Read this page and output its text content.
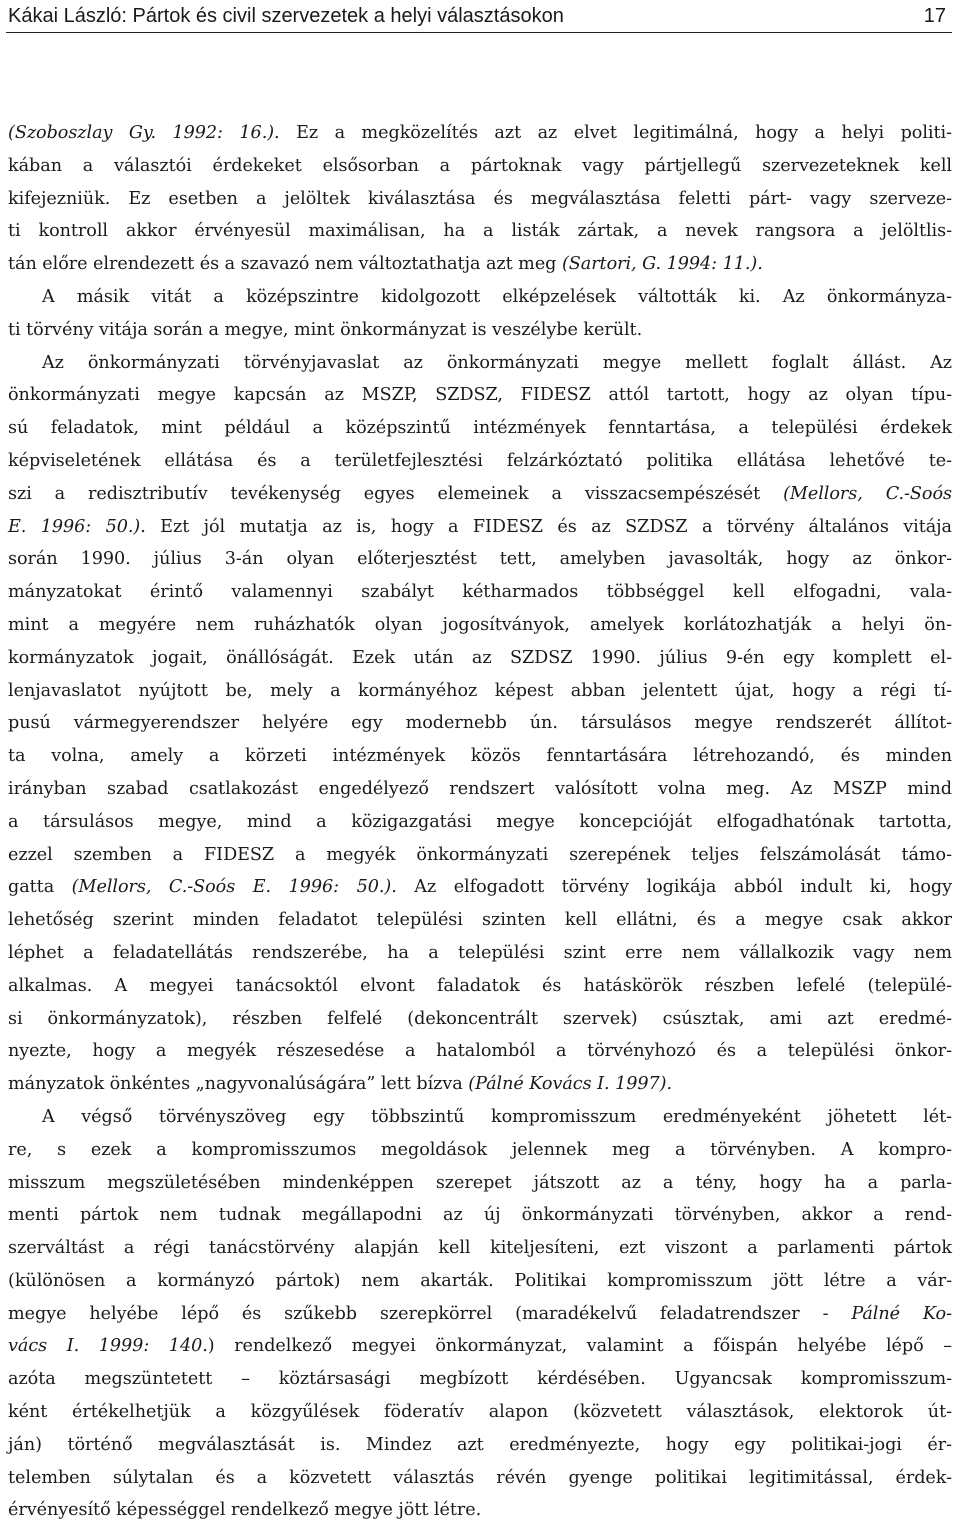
Kákai László: Pártok és civil szervezetek a helyi választásokon	17
(Szoboszlay Gy. 1992: 16.). Ez a megközelítés azt az elvet legitimálná, hogy a helyi politi-
kában a választói érdekeket elsősorban a pártoknak vagy pártjellegű szervezeteknek kell
kifejezniük. Ez esetben a jelöltek kiválasztása és megválasztása feletti párt- vagy szerveze-
ti kontroll akkor érvényesül maximálisan, ha a listák zártak, a nevek rangsora a jelöltlis-
tán előre elrendezett és a szavazó nem változtathatja azt meg (Sartori, G. 1994: 11.).
A másik vitát a középszintre kidolgozott elképzelések váltották ki. Az önkormányza-
ti törvény vitája során a megye, mint önkormányzat is veszélybe került.
Az önkormányzati törvényjavaslat az önkormányzati megye mellett foglalt állást. Az
önkormányzati megye kapcsán az MSZP, SZDSZ, FIDESZ attól tartott, hogy az olyan típu-
sú feladatok, mint például a középszintű intézmények fenntartása, a települési érdekek
képviseletének ellátása és a területfejlesztési felzárkóztató politika ellátása lehetővé te-
szi a redisztributív tevékenység egyes elemeinek a visszacsempészését (Mellors, C.-Soós
E. 1996: 50.). Ezt jól mutatja az is, hogy a FIDESZ és az SZDSZ a törvény általános vitája
során 1990. július 3-án olyan előterjesztést tett, amelyben javasolták, hogy az önkor-
mányzatokat érintő valamennyi szabályt kétharmados többséggel kell elfogadni, vala-
mint a megyére nem ruházhatók olyan jogosítványok, amelyek korlátozhatják a helyi ön-
kormányzatok jogait, önállóságát. Ezek után az SZDSZ 1990. július 9-én egy komplett el-
lenjavaslatot nyújtott be, mely a kormányéhoz képest abban jelentett újat, hogy a régi tí-
pusú vármegyerendszer helyére egy modernebb ún. társulásos megye rendszerét állítot-
ta volna, amely a körzeti intézmények közös fenntartására létrehozandó, és minden
irányban szabad csatlakozást engedélyező rendszert valósított volna meg. Az MSZP mind
a társulásos megye, mind a közigazgatási megye koncepcióját elfogadhatónak tartotta,
ezzel szemben a FIDESZ a megyék önkormányzati szerepének teljes felszámolását támo-
gatta (Mellors, C.-Soós E. 1996: 50.). Az elfogadott törvény logikája abból indult ki, hogy
lehetőség szerint minden feladatot települési szinten kell ellátni, és a megye csak akkor
léphet a feladatellátás rendszerébe, ha a települési szint erre nem vállalkozik vagy nem
alkalmas. A megyei tanácsoktól elvont faladatok és hatáskörök részben lefelé (települé-
si önkormányzatok), részben felfelé (dekoncentrált szervek) csúsztak, ami azt eredmé-
nyezte, hogy a megyék részesedése a hatalomból a törvényhozó és a települési önkor-
mányzatok önkéntes „nagyvonalúságára” lett bízva (Pálné Kovács I. 1997).
A végső törvényszöveg egy többszintű kompromisszum eredményeként jöhetett lét-
re, s ezek a kompromisszumos megoldások jelennek meg a törvényben. A kompro-
misszum megszületésében mindenképpen szerepet játszott az a tény, hogy ha a parla-
menti pártok nem tudnak megállapodni az új önkormányzati törvényben, akkor a rend-
szerváltást a régi tanácstörvény alapján kell kiteljesíteni, ezt viszont a parlamenti pártok
(különösen a kormányzó pártok) nem akarták. Politikai kompromisszum jött létre a vár-
megye helyébe lépő és szűkebb szerepkörrel (maradékelvű feladatrendszer - Pálné Ko-
vács I. 1999: 140.) rendelkező megyei önkormányzat, valamint a főispán helyébe lépő –
azóta megszüntetett – köztársasági megbízott kérdésében. Ugyancsak kompromisszum-
ként értékelhetjük a közgyűlések föderatív alapon (közvetett választások, elektorok út-
ján) történő megválasztását is. Mindez azt eredményezte, hogy egy politikai-jogi ér-
telemben súlytalan és a közvetett választás révén gyenge politikai legitimitással, érdek-
érvényesítő képességgel rendelkező megye jött létre.
